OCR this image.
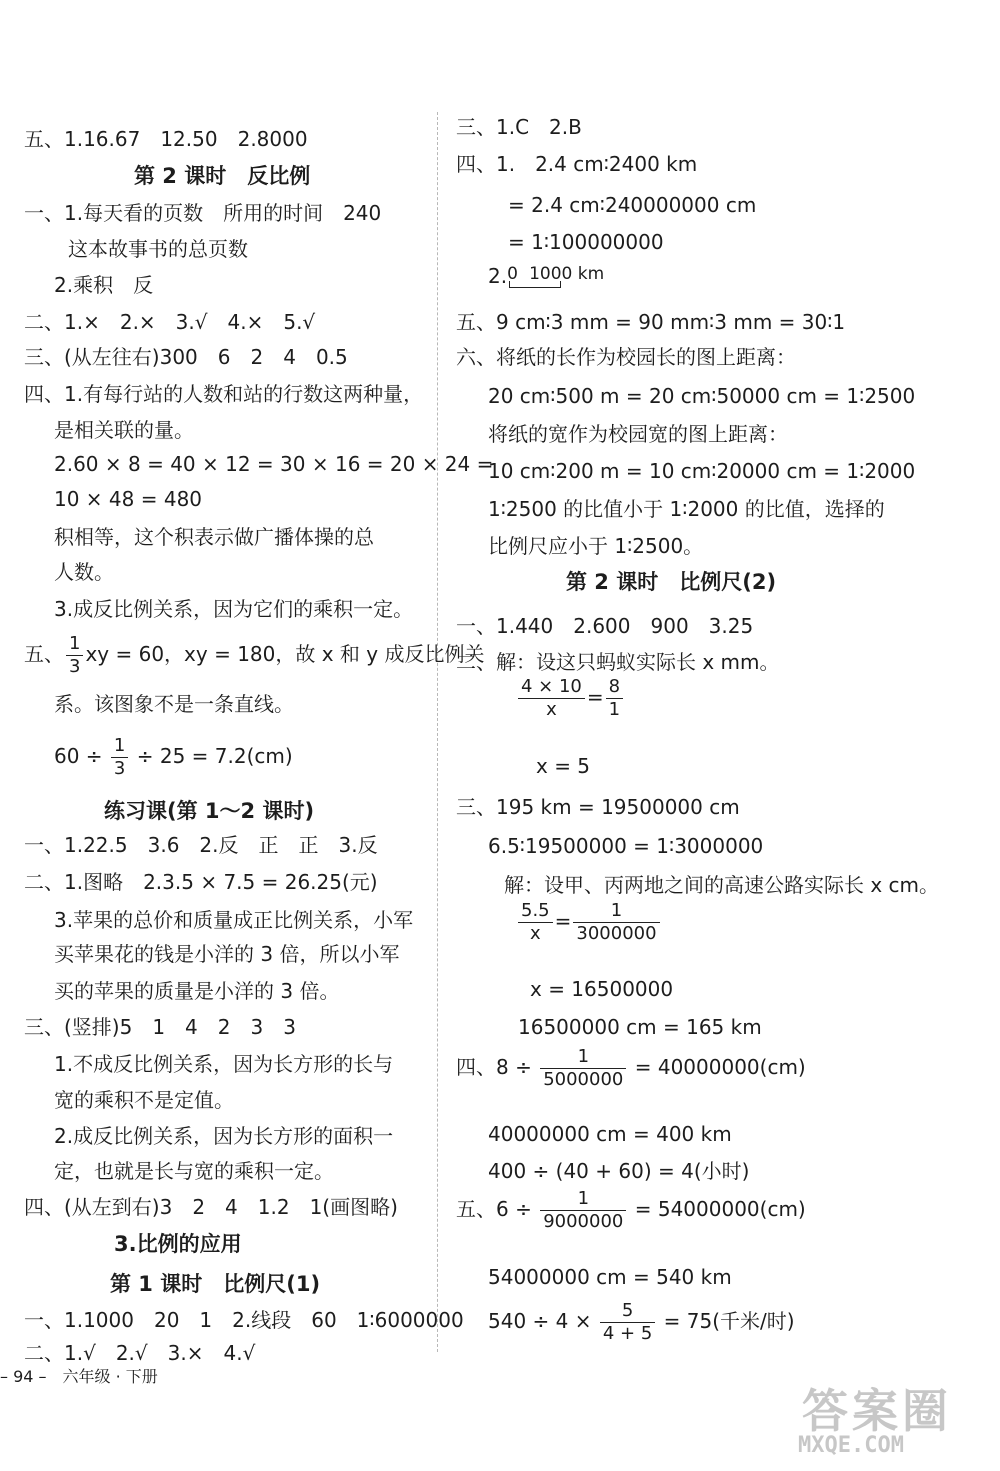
五、1.16.67　12.50　2.8000
第 2 课时　反比例
一、1.每天看的页数　所用的时间　240
这本故事书的总页数
2.乘积　反
二、1.×　2.×　3.√　4.×　5.√
三、(从左往右)300　6　2　4　0.5
四、1.有每行站的人数和站的行数这两种量，
是相关联的量。
2.60 × 8 = 40 × 12 = 30 × 16 = 20 × 24 =
10 × 48 = 480
积相等，这个积表示做广播体操的总
人数。
3.成反比例关系，因为它们的乘积一定。
五、 $\frac{1}{3}$ xy = 60，xy = 180，故 x 和 y 成反比例关
系。该图象不是一条直线。
$60 \div \frac{1}{3} \div 25 = 7.2(cm)$
练习课(第 1～2 课时)
一、1.22.5　3.6　2.反　正　正　3.反
二、1.图略　2.3.5 × 7.5 = 26.25(元)
3.苹果的总价和质量成正比例关系，小军
买苹果花的钱是小洋的 3 倍，所以小军
买的苹果的质量是小洋的 3 倍。
三、(竖排)5　1　4　2　3　3
1.不成反比例关系，因为长方形的长与
宽的乘积不是定值。
2.成反比例关系，因为长方形的面积一
定，也就是长与宽的乘积一定。
四、(从左到右)3　2　4　1.2　1(画图略)
3.比例的应用
第 1 课时　比例尺(1)
一、1.1000　20　1　2.线段　60　1∶6000000
二、1.√　2.√　3.×　4.√
三、1.C　2.B
四、1.　2.4 cm∶2400 km
= 2.4 cm∶240000000 cm
= 1∶100000000
2. 0 1000 km
五、9 cm∶3 mm = 90 mm∶3 mm = 30∶1
六、将纸的长作为校园长的图上距离：
20 cm∶500 m = 20 cm∶50000 cm = 1∶2500
将纸的宽作为校园宽的图上距离：
10 cm∶200 m = 10 cm∶20000 cm = 1∶2000
1∶2500 的比值小于 1∶2000 的比值，选择的
比例尺应小于 1∶2500。
第 2 课时　比例尺(2)
一、1.440　2.600　900　3.25
二、解：设这只蚂蚁实际长 x mm。
$\frac{4 \times 10}{x} = \frac{8}{1}$
x = 5
三、195 km = 19500000 cm
6.5∶19500000 = 1∶3000000
解：设甲、丙两地之间的高速公路实际长 x cm。
$\frac{5.5}{x} = \frac{1}{3000000}$
x = 16500000
16500000 cm = 165 km
四、$8 \div \frac{1}{5000000} = 40000000(cm)$
40000000 cm = 400 km
400 ÷ (40 + 60) = 4(小时)
五、$6 \div \frac{1}{9000000} = 54000000(cm)$
54000000 cm = 540 km
$540 \div 4 \times \frac{5}{4 + 5} = 75$(千米/时)
– 94 –　六年级 · 下册
答案圈
MXQE.COM
